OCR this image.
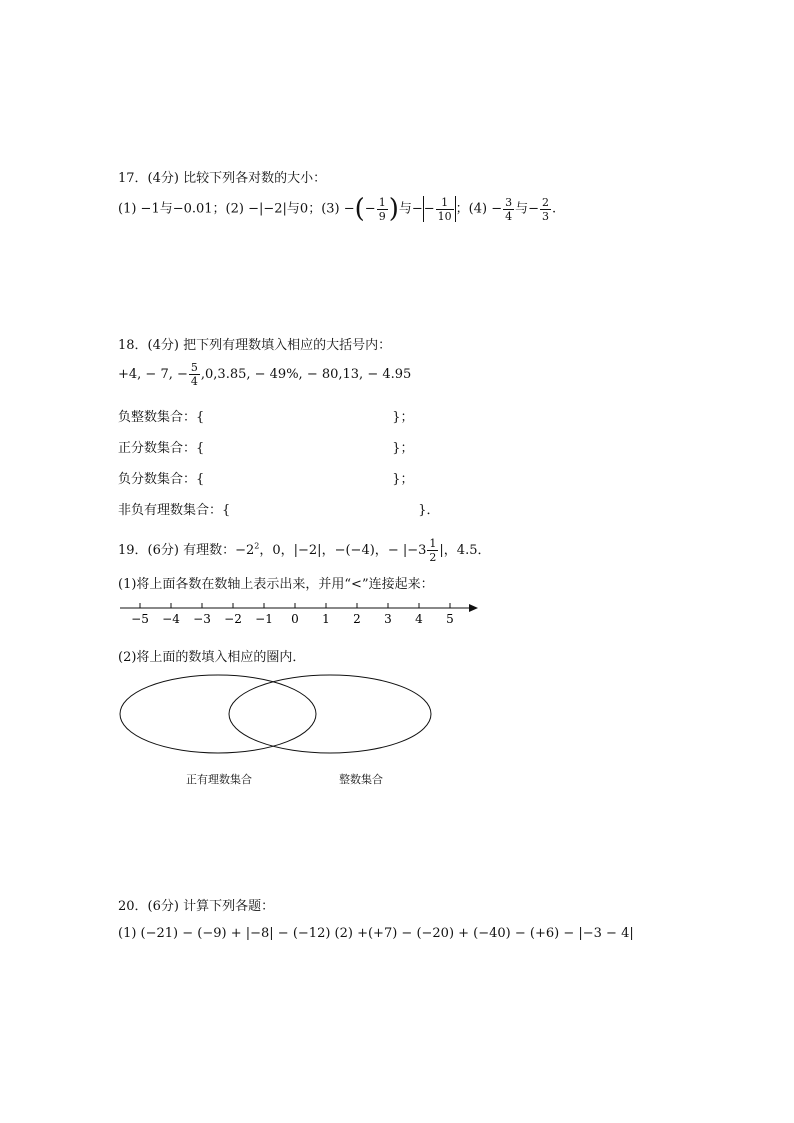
17．(4分) 比较下列各对数的大小：
(1) −1与−0.01；(2) −|−2|与0；(3) −(− $\frac{1}{9}$ )与−− $\frac{1}{10}$ ；$(4) - \frac{3}{4}$ 与− $\frac{2}{3}$ .
18．(4分) 把下列有理数填入相应的大括号内：
+4, − 7, − $\frac{5}{4} ,0,3.85$, − 49%, − 80,13, − 4.95
负整数集合：{	}；
正分数集合：{	}；
负分数集合：{	}；
非负有理数集合：{	}．
19．(6分) 有理数：$-2^2$，0，|−2|，−(−4)，− $|-3 \frac{1}{2}$ |，4.5．
(1)将上面各数在数轴上表示出来，并用“<”连接起来：
−5 −4 −3 −2 −1 0 1 2 3 4 5
(2)将上面的数填入相应的圈内．
正有理数集合	整数集合
20．(6分) 计算下列各题：
(1) (−21) − (−9) + |−8| − (−12) (2) +(+7) − (−20) + (−40) − (+6) − |−3 − 4|
